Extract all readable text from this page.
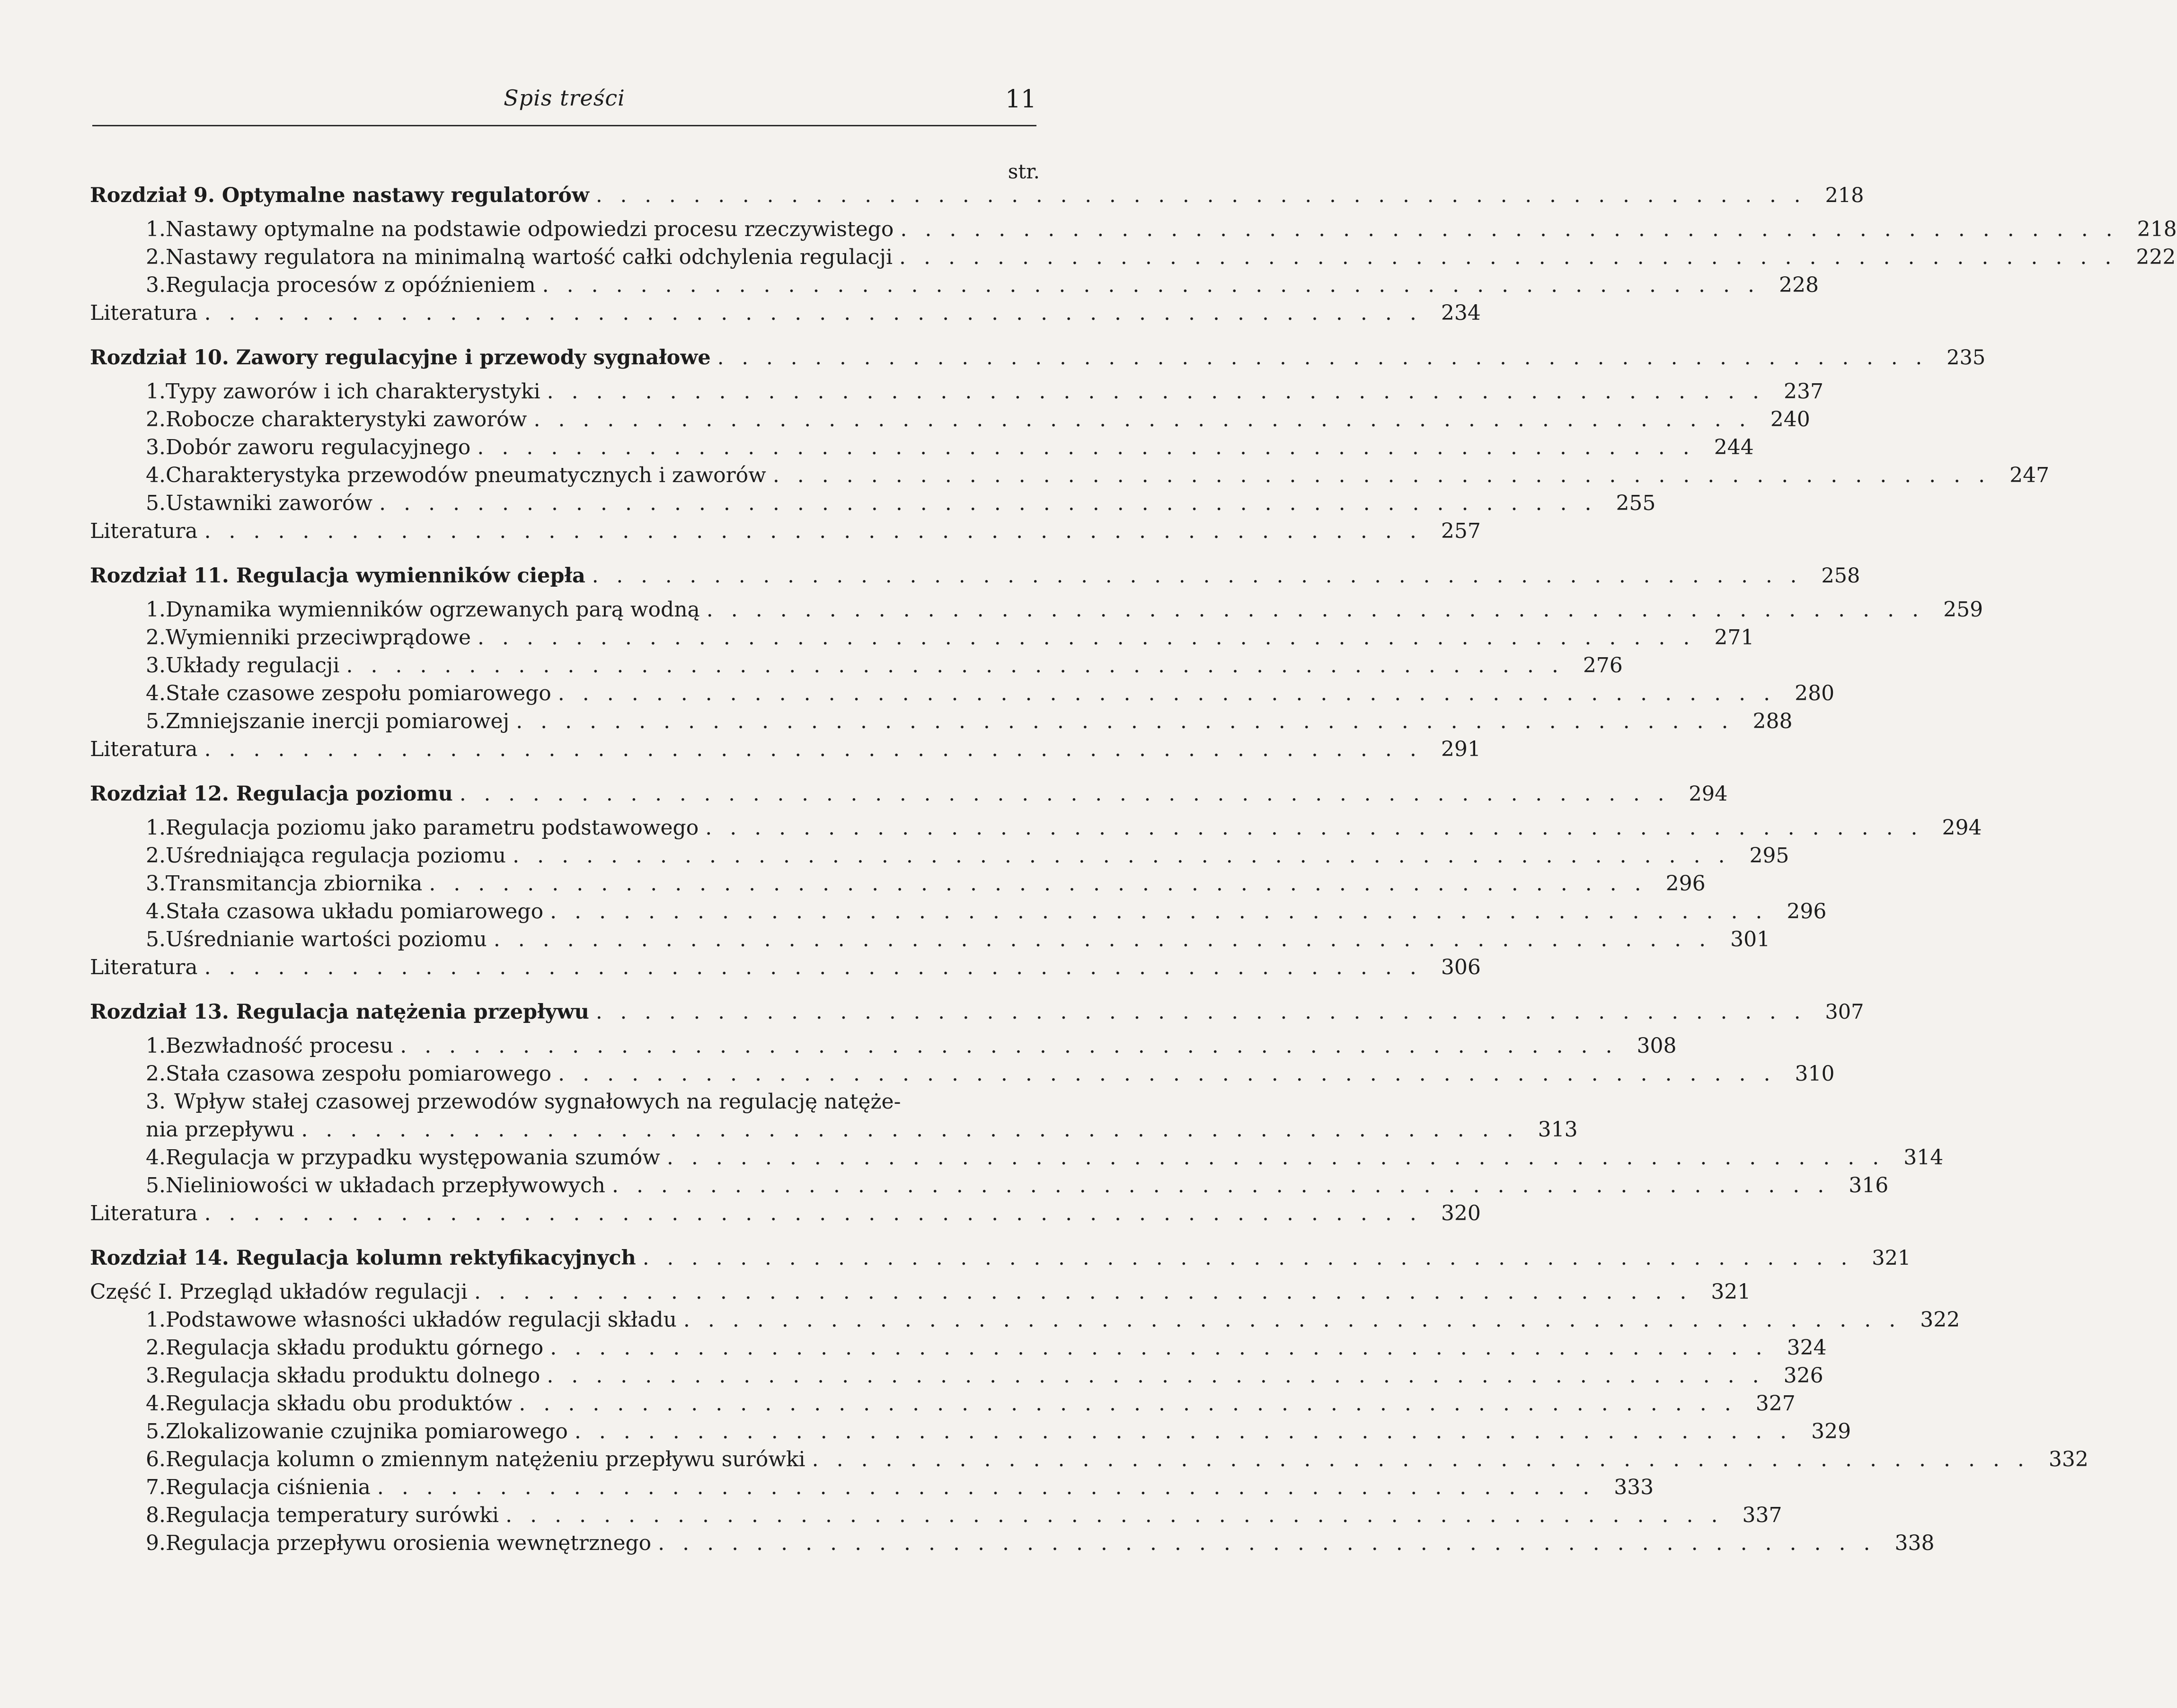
Spis treści	11
str.
Rozdział 9. Optymalne nastawy regulatorów .................................................. 218
1. Nastawy optymalne na podstawie odpowiedzi procesu rzeczywistego .................................................. 218
2. Nastawy regulatora na minimalną wartość całki odchylenia regulacji .................................................. 222
3. Regulacja procesów z opóźnieniem .................................................. 228
Literatura .................................................. 234
Rozdział 10. Zawory regulacyjne i przewody sygnałowe .................................................. 235
1. Typy zaworów i ich charakterystyki .................................................. 237
2. Robocze charakterystyki zaworów .................................................. 240
3. Dobór zaworu regulacyjnego .................................................. 244
4. Charakterystyka przewodów pneumatycznych i zaworów .................................................. 247
5. Ustawniki zaworów .................................................. 255
Literatura .................................................. 257
Rozdział 11. Regulacja wymienników ciepła .................................................. 258
1. Dynamika wymienników ogrzewanych parą wodną .................................................. 259
2. Wymienniki przeciwprądowe .................................................. 271
3. Układy regulacji .................................................. 276
4. Stałe czasowe zespołu pomiarowego .................................................. 280
5. Zmniejszanie inercji pomiarowej .................................................. 288
Literatura .................................................. 291
Rozdział 12. Regulacja poziomu .................................................. 294
1. Regulacja poziomu jako parametru podstawowego .................................................. 294
2. Uśredniająca regulacja poziomu .................................................. 295
3. Transmitancja zbiornika .................................................. 296
4. Stała czasowa układu pomiarowego .................................................. 296
5. Uśrednianie wartości poziomu .................................................. 301
Literatura .................................................. 306
Rozdział 13. Regulacja natężenia przepływu .................................................. 307
1. Bezwładność procesu .................................................. 308
2. Stała czasowa zespołu pomiarowego .................................................. 310
3. Wpływ stałej czasowej przewodów sygnałowych na regulację natęże-
nia przepływu .................................................. 313
4. Regulacja w przypadku występowania szumów .................................................. 314
5. Nieliniowości w układach przepływowych .................................................. 316
Literatura .................................................. 320
Rozdział 14. Regulacja kolumn rektyfikacyjnych .................................................. 321
Część I. Przegląd układów regulacji .................................................. 321
1. Podstawowe własności układów regulacji składu .................................................. 322
2. Regulacja składu produktu górnego .................................................. 324
3. Regulacja składu produktu dolnego .................................................. 326
4. Regulacja składu obu produktów .................................................. 327
5. Zlokalizowanie czujnika pomiarowego .................................................. 329
6. Regulacja kolumn o zmiennym natężeniu przepływu surówki .................................................. 332
7. Regulacja ciśnienia .................................................. 333
8. Regulacja temperatury surówki .................................................. 337
9. Regulacja przepływu orosienia wewnętrznego .................................................. 338
